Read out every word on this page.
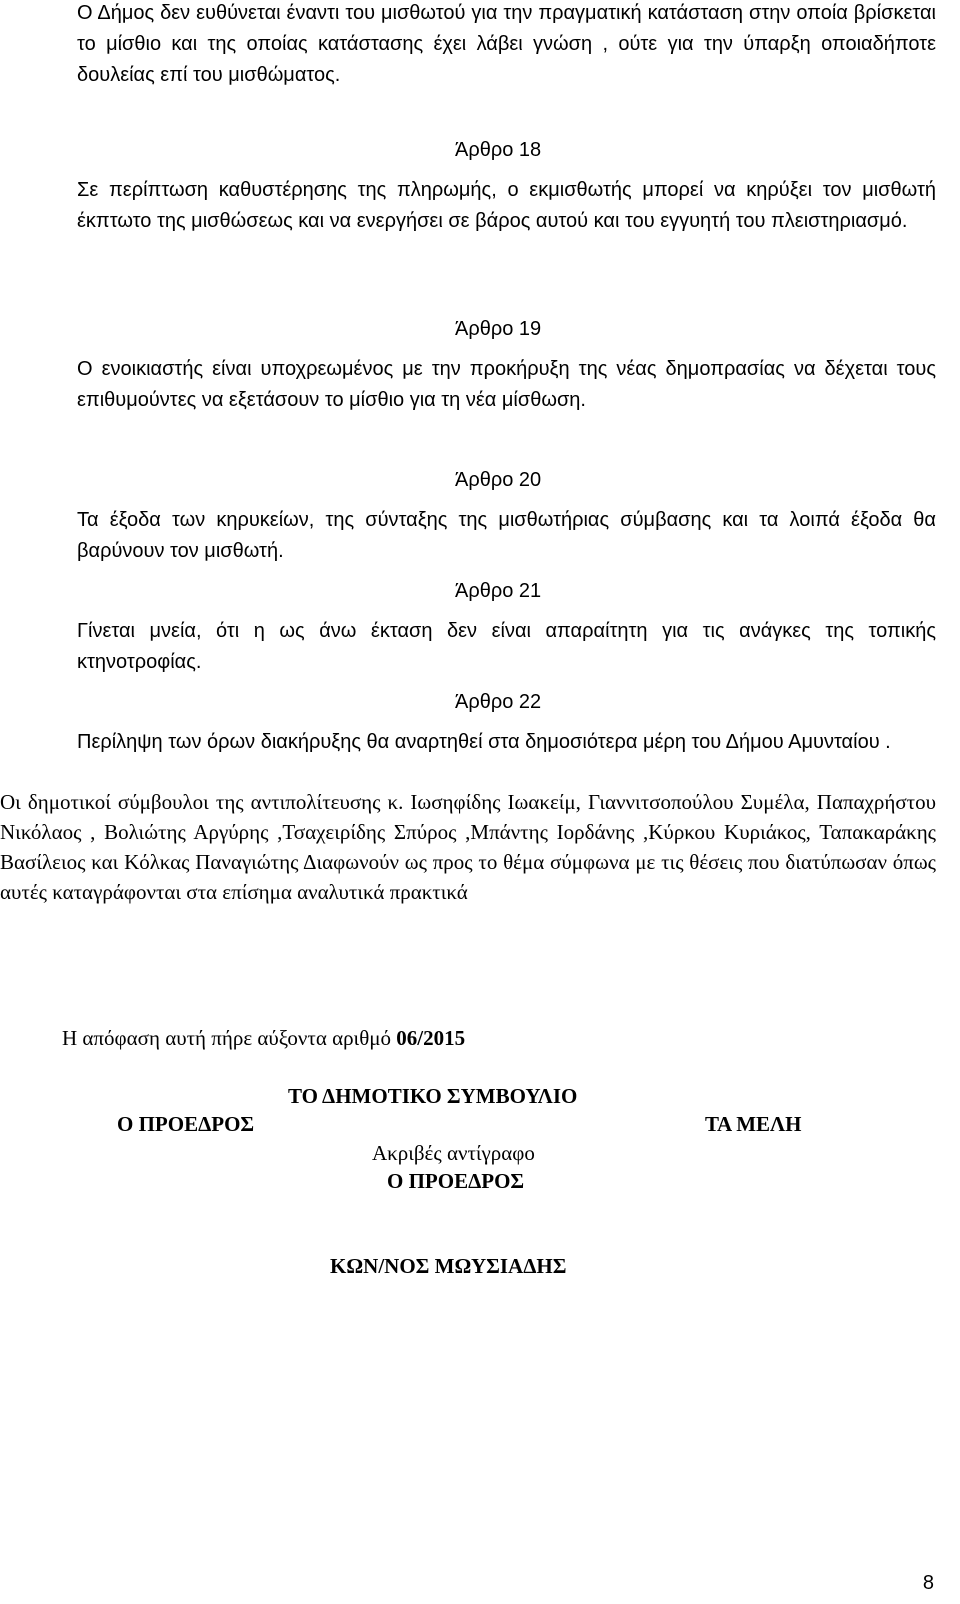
Ο Δήμος δεν ευθύνεται έναντι του μισθωτού για την πραγματική κατάσταση στην οποία βρίσκεται το μίσθιο και της οποίας κατάστασης έχει λάβει γνώση , ούτε για την ύπαρξη οποιαδήποτε δουλείας επί του μισθώματος.

Άρθρο 18

Σε περίπτωση καθυστέρησης της πληρωμής, ο εκμισθωτής μπορεί να κηρύξει τον μισθωτή έκπτωτο της μισθώσεως και να ενεργήσει σε βάρος αυτού και του εγγυητή του πλειστηριασμό.

Άρθρο 19

Ο ενοικιαστής είναι υποχρεωμένος με την προκήρυξη της νέας δημοπρασίας να δέχεται τους επιθυμούντες να εξετάσουν το μίσθιο για τη νέα μίσθωση.

Άρθρο 20

Τα έξοδα των κηρυκείων, της σύνταξης της μισθωτήριας σύμβασης και τα λοιπά έξοδα θα βαρύνουν τον μισθωτή.

Άρθρο 21

Γίνεται μνεία, ότι η ως άνω έκταση δεν είναι απαραίτητη για τις ανάγκες της τοπικής κτηνοτροφίας.

Άρθρο 22

Περίληψη των όρων διακήρυξης θα αναρτηθεί στα δημοσιότερα μέρη του Δήμου Αμυνταίου .

Οι δημοτικοί σύμβουλοι της αντιπολίτευσης κ. Ιωσηφίδης Ιωακείμ, Γιαννιτσοπούλου Συμέλα, Παπαχρήστου Νικόλαος , Βολιώτης Αργύρης ,Τσαχειρίδης Σπύρος ,Μπάντης Ιορδάνης ,Κύρκου Κυριάκος, Ταπακαράκης Βασίλειος και Κόλκας Παναγιώτης Διαφωνούν ως προς το θέμα σύμφωνα με τις θέσεις που διατύπωσαν όπως αυτές καταγράφονται στα επίσημα αναλυτικά πρακτικά

Η απόφαση αυτή πήρε αύξοντα αριθμό 06/2015

ΤΟ ΔΗΜΟΤΙΚΟ ΣΥΜΒΟΥΛΙΟ

Ο ΠΡΟΕΔΡΟΣ	ΤΑ ΜΕΛΗ

Ακριβές αντίγραφο

Ο ΠΡΟΕΔΡΟΣ

ΚΩΝ/ΝΟΣ ΜΩΥΣΙΑΔΗΣ

8
